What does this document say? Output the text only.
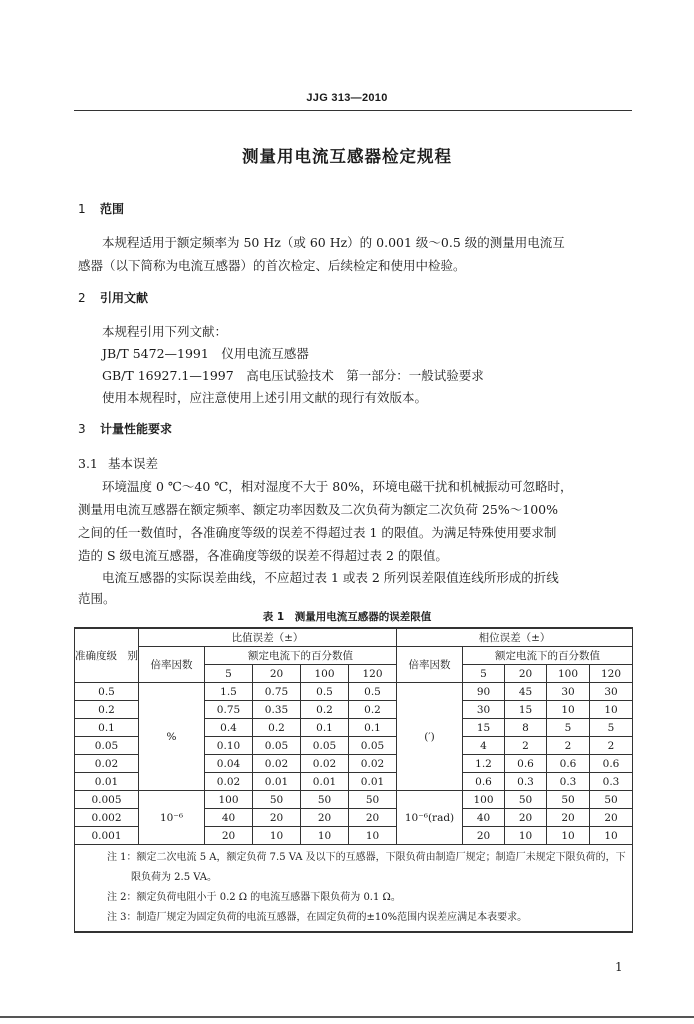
JJG 313—2010
测量用电流互感器检定规程
1 范围
本规程适用于额定频率为 50 Hz（或 60 Hz）的 0.001 级～0.5 级的测量用电流互
感器（以下简称为电流互感器）的首次检定、后续检定和使用中检验。
2 引用文献
本规程引用下列文献：
JB/T 5472—1991　仪用电流互感器
GB/T 16927.1—1997　高电压试验技术　第一部分：一般试验要求
使用本规程时，应注意使用上述引用文献的现行有效版本。
3 计量性能要求
3.1 基本误差
环境温度 0 ℃～40 ℃，相对湿度不大于 80%，环境电磁干扰和机械振动可忽略时，
测量用电流互感器在额定频率、额定功率因数及二次负荷为额定二次负荷 25%～100%
之间的任一数值时，各准确度等级的误差不得超过表 1 的限值。为满足特殊使用要求制
造的 S 级电流互感器，各准确度等级的误差不得超过表 2 的限值。
电流互感器的实际误差曲线，不应超过表 1 或表 2 所列误差限值连线所形成的折线
范围。
表 1　测量用电流互感器的误差限值
准确度级　别	比值误差（±）					相位误差（±）				
	倍率因数	额定电流下的百分数值				倍率因数	额定电流下的百分数值			
		5	20	100	120		5	20	100	120
0.5	%	1.5	0.75	0.5	0.5	(′)	90	45	30	30
0.2		0.75	0.35	0.2	0.2		30	15	10	10
0.1		0.4	0.2	0.1	0.1		15	8	5	5
0.05		0.10	0.05	0.05	0.05		4	2	2	2
0.02		0.04	0.02	0.02	0.02		1.2	0.6	0.6	0.6
0.01		0.02	0.01	0.01	0.01		0.6	0.3	0.3	0.3
0.005	10⁻⁶	100	50	50	50	10⁻⁶(rad)	100	50	50	50
0.002		40	20	20	20		40	20	20	20
0.001		20	10	10	10		20	10	10	10

注 1：额定二次电流 5 A，额定负荷 7.5 VA 及以下的互感器，下限负荷由制造厂规定；制造厂未规定下限负荷的，下限负荷为 2.5 VA。

注 2：额定负荷电阻小于 0.2 Ω 的电流互感器下限负荷为 0.1 Ω。

注 3：制造厂规定为固定负荷的电流互感器，在固定负荷的±10%范围内误差应满足本表要求。										

1
